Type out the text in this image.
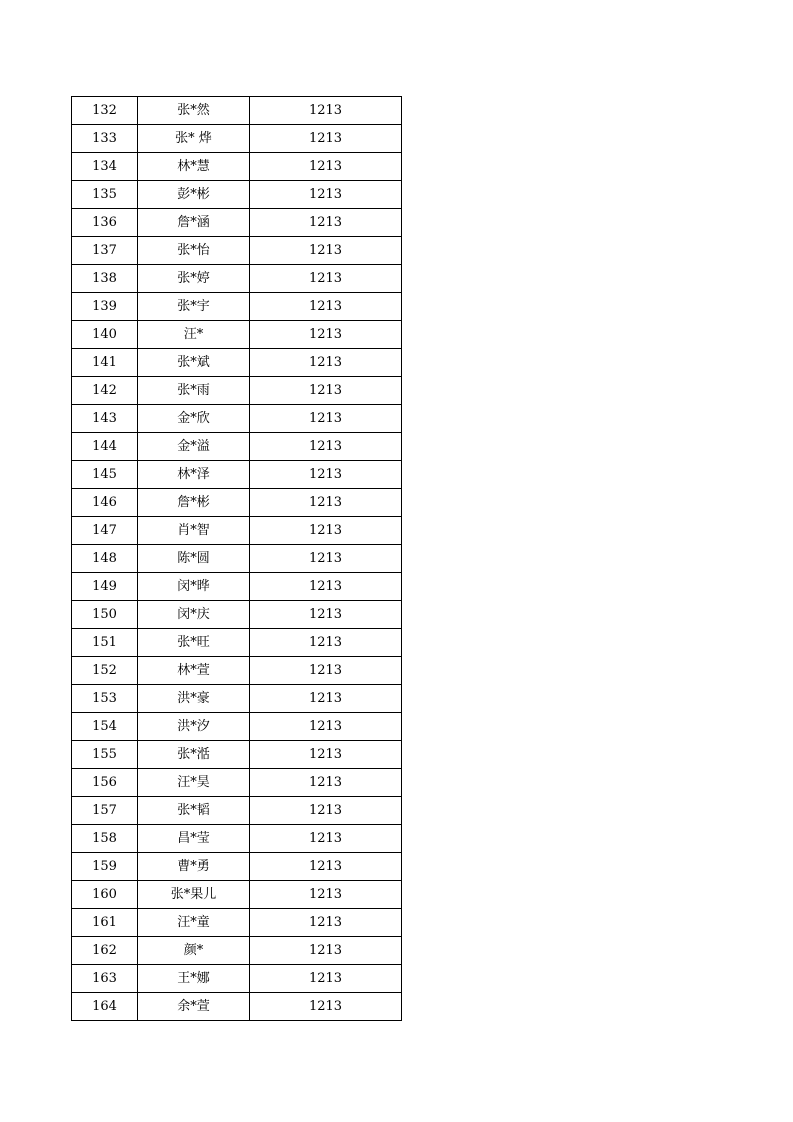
132	张*然	1213
133	张* 烨	1213
134	林*慧	1213
135	彭*彬	1213
136	詹*涵	1213
137	张*怡	1213
138	张*婷	1213
139	张*宇	1213
140	汪*	1213
141	张*斌	1213
142	张*雨	1213
143	金*欣	1213
144	金*溢	1213
145	林*泽	1213
146	詹*彬	1213
147	肖*智	1213
148	陈*圆	1213
149	闵*晔	1213
150	闵*庆	1213
151	张*旺	1213
152	林*萱	1213
153	洪*豪	1213
154	洪*汐	1213
155	张*湉	1213
156	汪*昊	1213
157	张*韬	1213
158	昌*莹	1213
159	曹*勇	1213
160	张*果儿	1213
161	汪*童	1213
162	颜*	1213
163	王*娜	1213
164	余*萱	1213
